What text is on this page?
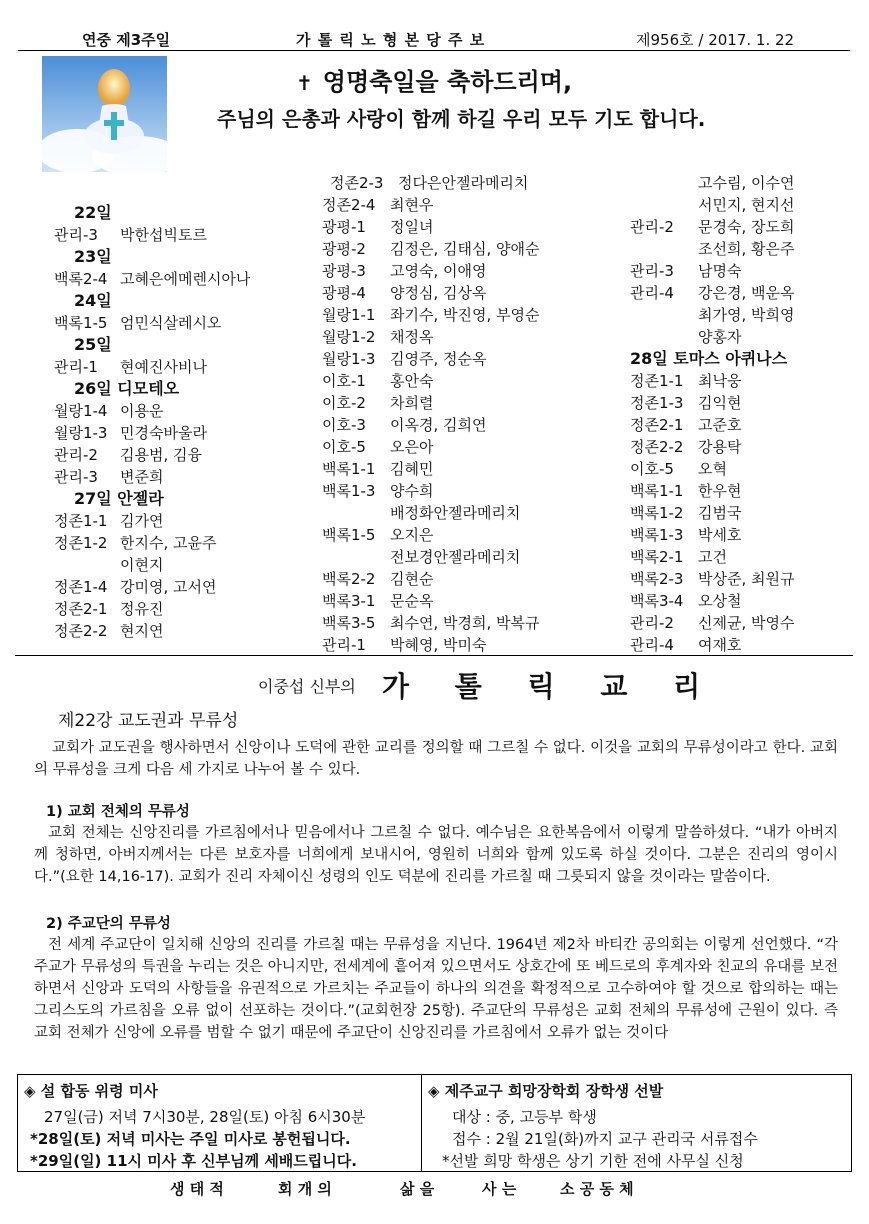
연중 제3주일	가 톨 릭 노 형 본 당 주 보	제956호 / 2017. 1. 22
✝ 영명축일을 축하드리며,
주님의 은총과 사랑이 함께 하길 우리 모두 기도 합니다.
22일
관리-3	박한섭빅토르
23일
백록2-4 고혜은에메렌시아나
24일
백록1-5 엄민식살레시오
25일
관리-1	현예진사비나
26일 디모테오
월랑1-4 이용운
월랑1-3 민경숙바울라
관리-2	김용범, 김융
관리-3	변준희
27일 안젤라
정존1-1 김가연
정존1-2 한지수, 고윤주
이현지
정존1-4 강미영, 고서연
정존2-1 정유진
정존2-2 현지연
정존2-3 정다은안젤라메리치
정존2-4 최현우
광평-1	정일녀
광평-2	김정은, 김태심, 양애순
광평-3	고영숙, 이애영
광평-4	양정심, 김상옥
월랑1-1 좌기수, 박진영, 부영순
월랑1-2 채정옥
월랑1-3 김영주, 정순옥
이호-1	홍안숙
이호-2	차희렬
이호-3	이옥경, 김희연
이호-5	오은아
백록1-1 김혜민
백록1-3 양수희
배정화안젤라메리치
백록1-5 오지은
전보경안젤라메리치
백록2-2 김현순
백록3-1 문순옥
백록3-5 최수연, 박경희, 박복규
관리-1	박혜영, 박미숙
고수림, 이수연
서민지, 현지선
관리-2	문경숙, 장도희
조선희, 황은주
관리-3	남명숙
관리-4	강은경, 백운옥
최가영, 박희영
양홍자
28일 토마스 아퀴나스
정존1-1 최낙웅
정존1-3 김익현
정존2-1 고준호
정존2-2 강용탁
이호-5	오혁
백록1-1 한우현
백록1-2 김범국
백록1-3 박세호
백록2-1 고건
백록2-3 박상준, 최원규
백록3-4 오상철
관리-2	신제균, 박영수
관리-4	여재호
이중섭 신부의 가 톨 릭 교 리
제22강 교도권과 무류성
교회가 교도권을 행사하면서 신앙이나 도덕에 관한 교리를 정의할 때 그르칠 수 없다. 이것을 교회의 무류성이라고 한다. 교회의 무류성을 크게 다음 세 가지로 나누어 볼 수 있다.
1) 교회 전체의 무류성
교회 전체는 신앙진리를 가르침에서나 믿음에서나 그르칠 수 없다. 예수님은 요한복음에서 이렇게 말씀하셨다. “내가 아버지께 청하면, 아버지께서는 다른 보호자를 너희에게 보내시어, 영원히 너희와 함께 있도록 하실 것이다. 그분은 진리의 영이시다.”(요한 14,16-17). 교회가 진리 자체이신 성령의 인도 덕분에 진리를 가르칠 때 그릇되지 않을 것이라는 말씀이다.
2) 주교단의 무류성
전 세계 주교단이 일치해 신앙의 진리를 가르칠 때는 무류성을 지닌다. 1964년 제2차 바티칸 공의회는 이렇게 선언했다. “각 주교가 무류성의 특권을 누리는 것은 아니지만, 전세계에 흩어져 있으면서도 상호간에 또 베드로의 후계자와 친교의 유대를 보전하면서 신앙과 도덕의 사항들을 유권적으로 가르치는 주교들이 하나의 의견을 확정적으로 고수하여야 할 것으로 합의하는 때는 그리스도의 가르침을 오류 없이 선포하는 것이다.”(교회헌장 25항). 주교단의 무류성은 교회 전체의 무류성에 근원이 있다. 즉 교회 전체가 신앙에 오류를 범할 수 없기 때문에 주교단이 신앙진리를 가르침에서 오류가 없는 것이다
◈ 설 합동 위령 미사
27일(금) 저녁 7시30분, 28일(토) 아침 6시30분
*28일(토) 저녁 미사는 주일 미사로 봉헌됩니다.
*29일(일) 11시 미사 후 신부님께 세배드립니다.
◈ 제주교구 희망장학회 장학생 선발
대상 : 중, 고등부 학생
접수 : 2월 21일(화)까지 교구 관리국 서류접수
*선발 희망 학생은 상기 기한 전에 사무실 신청
생 태 적	회 개 의	삶 을	사 는	소 공 동 체
